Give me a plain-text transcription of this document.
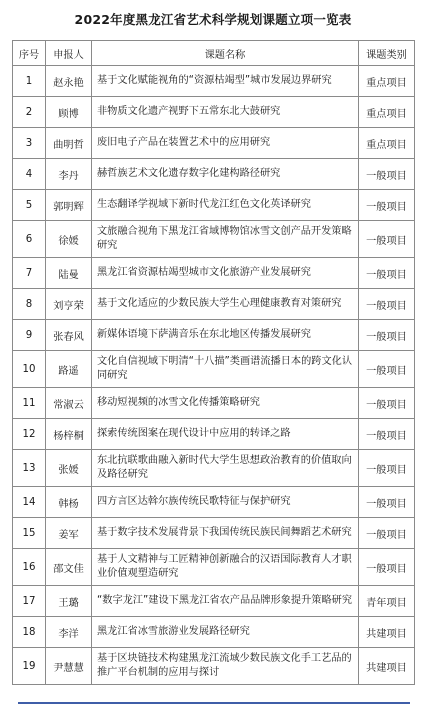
2022年度黑龙江省艺术科学规划课题立项一览表
序号	申报人	课题名称	课题类别
1	赵永艳	基于文化赋能视角的“资源枯竭型”城市发展边界研究	重点项目
2	顾博	非物质文化遗产视野下五常东北大鼓研究	重点项目
3	曲明哲	废旧电子产品在装置艺术中的应用研究	重点项目
4	李丹	赫哲族艺术文化遗存数字化建构路径研究	一般项目
5	郭明辉	生态翻译学视域下新时代龙江红色文化英译研究	一般项目
6	徐媛	文旅融合视角下黑龙江省域博物馆冰雪文创产品开发策略研究	一般项目
7	陆曼	黑龙江省资源枯竭型城市文化旅游产业发展研究	一般项目
8	刘亨荣	基于文化适应的少数民族大学生心理健康教育对策研究	一般项目
9	张春风	新媒体语境下萨满音乐在东北地区传播发展研究	一般项目
10	路遥	文化自信视域下明清“十八描”类画谱流播日本的跨文化认同研究	一般项目
11	常淑云	移动短视频的冰雪文化传播策略研究	一般项目
12	杨梓桐	探索传统图案在现代设计中应用的转译之路	一般项目
13	张媛	东北抗联歌曲融入新时代大学生思想政治教育的价值取向及路径研究	一般项目
14	韩杨	四方言区达斡尔族传统民歌特征与保护研究	一般项目
15	姜军	基于数字技术发展背景下我国传统民族民间舞蹈艺术研究	一般项目
16	邵文佳	基于人文精神与工匠精神创新融合的汉语国际教育人才职业价值观塑造研究	一般项目
17	王璐	“数字龙江”建设下黑龙江省农产品品牌形象提升策略研究	青年项目
18	李洋	黑龙江省冰雪旅游业发展路径研究	共建项目
19	尹慧慧	基于区块链技术构建黑龙江流域少数民族文化手工艺品的推广平台机制的应用与探讨	共建项目
